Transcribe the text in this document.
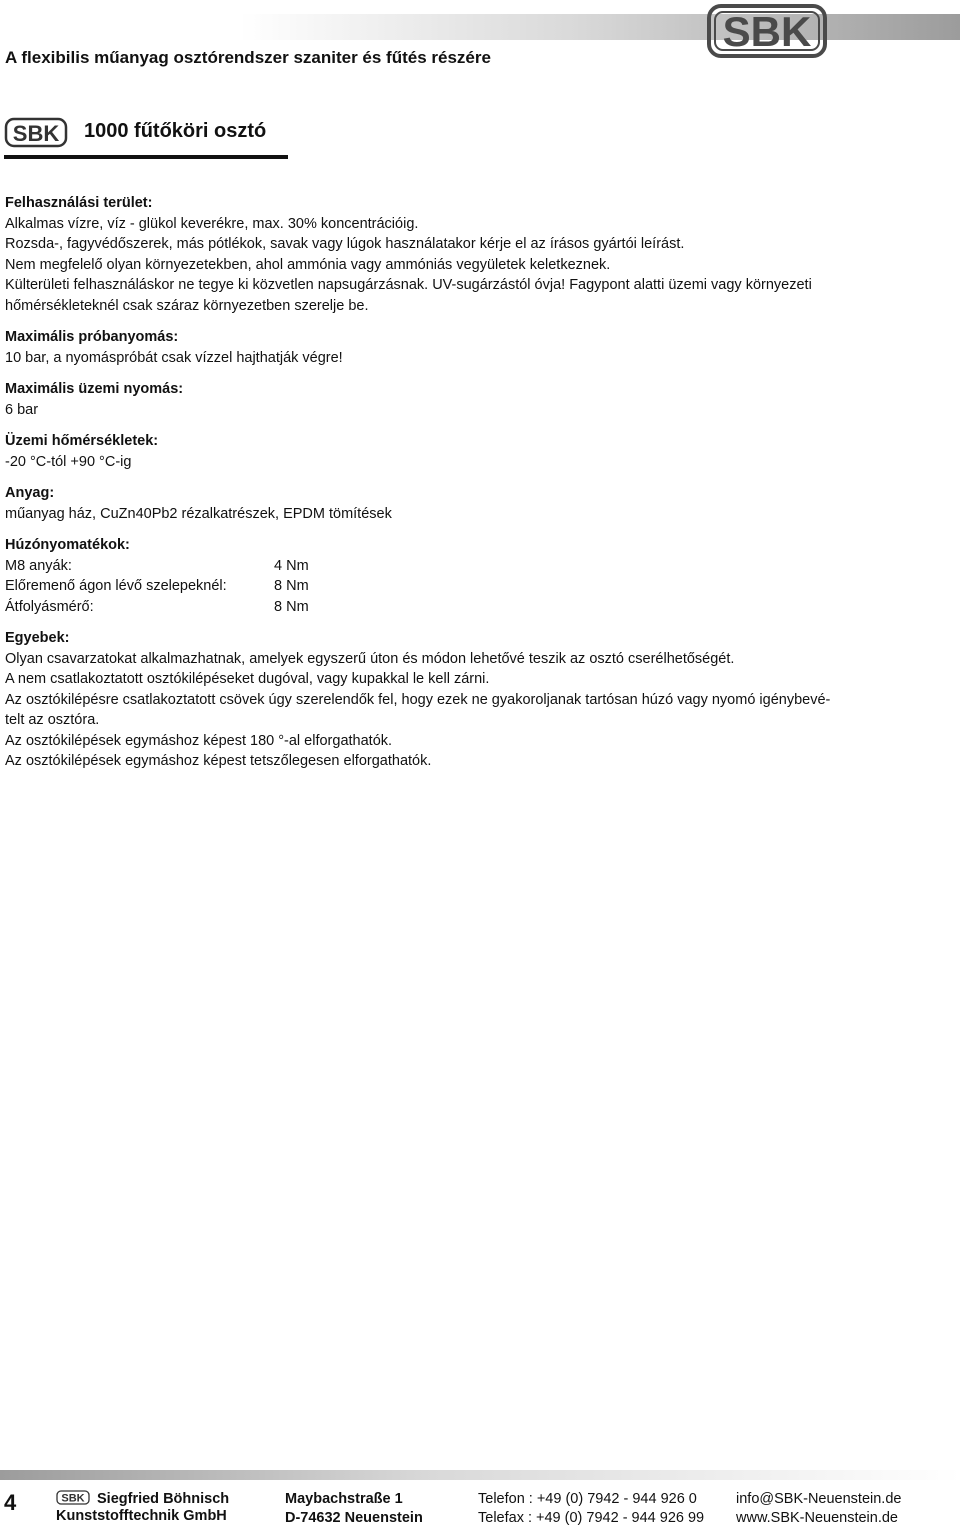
SBK
A flexibilis műanyag osztórendszer szaniter és fűtés részére
SBK 1000 fűtőköri osztó
Felhasználási terület:
Alkalmas vízre, víz - glükol keverékre, max. 30% koncentrációig.
Rozsda-, fagyvédőszerek, más pótlékok, savak vagy lúgok használatakor kérje el az írásos gyártói leírást.
Nem megfelelő olyan környezetekben, ahol ammónia vagy ammóniás vegyületek keletkeznek.
Külterületi felhasználáskor ne tegye ki közvetlen napsugárzásnak. UV-sugárzástól óvja! Fagypont alatti üzemi vagy környezeti
hőmérsékleteknél csak száraz környezetben szerelje be.
Maximális próbanyomás:
10 bar, a nyomáspróbát csak vízzel hajthatják végre!
Maximális üzemi nyomás:
6 bar
Üzemi hőmérsékletek:
-20 °C-tól +90 °C-ig
Anyag:
műanyag ház, CuZn40Pb2 rézalkatrészek, EPDM tömítések
Húzónyomatékok:
M8 anyák:	4 Nm
Előremenő ágon lévő szelepeknél:	8 Nm
Átfolyásmérő:	8 Nm
Egyebek:
Olyan csavarzatokat alkalmazhatnak, amelyek egyszerű úton és módon lehetővé teszik az osztó cserélhetőségét.
A nem csatlakoztatott osztókilépéseket dugóval, vagy kupakkal le kell zárni.
Az osztókilépésre csatlakoztatott csövek úgy szerelendők fel, hogy ezek ne gyakoroljanak tartósan húzó vagy nyomó igénybevé-
telt az osztóra.
Az osztókilépések egymáshoz képest 180 °-al elforgathatók.
Az osztókilépések egymáshoz képest tetszőlegesen elforgathatók.
4	SBK Siegfried Böhnisch
Kunststofftechnik GmbH
Maybachstraße 1
D-74632 Neuenstein
Telefon : +49 (0) 7942 - 944 926 0
Telefax : +49 (0) 7942 - 944 926 99
info@SBK-Neuenstein.de
www.SBK-Neuenstein.de
